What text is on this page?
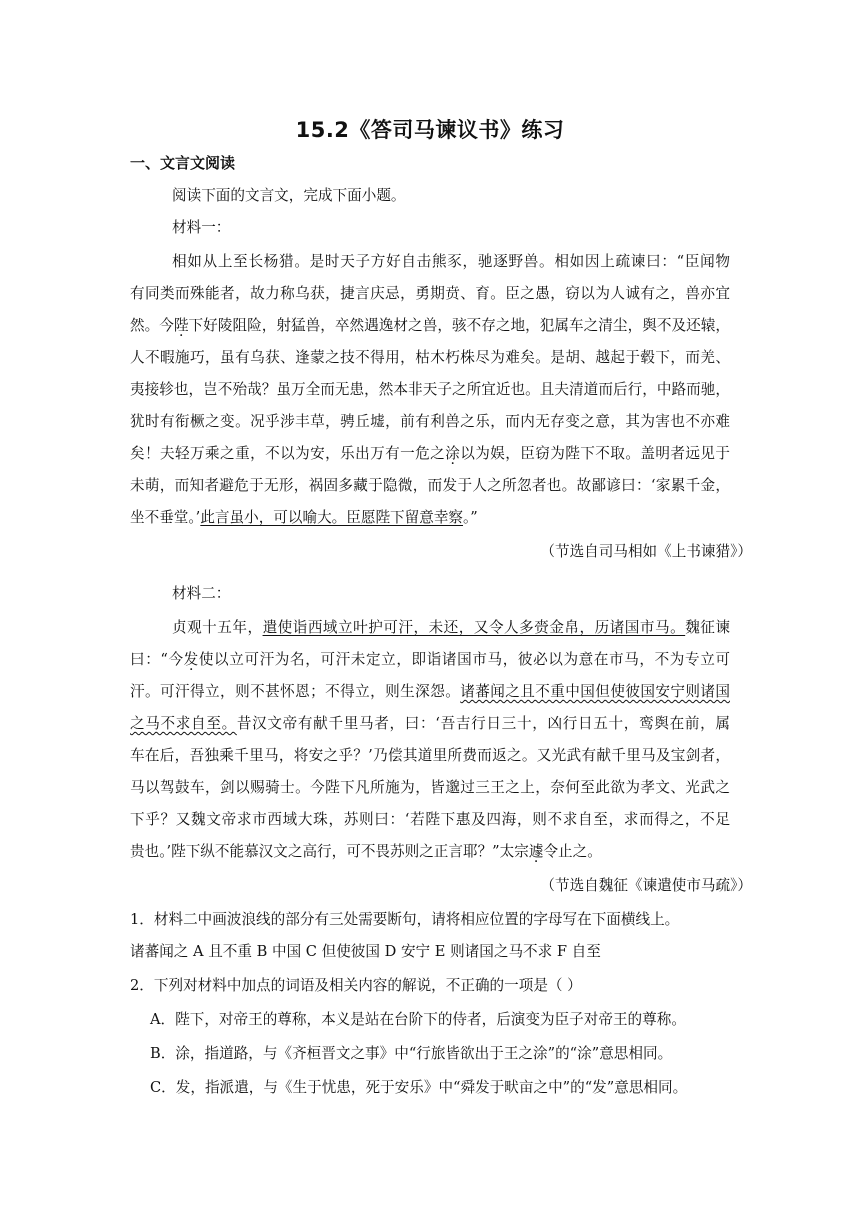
15.2《答司马谏议书》练习
一、文言文阅读
阅读下面的文言文，完成下面小题。
材料一：
相如从上至长杨猎。是时天子方好自击熊豕，驰逐野兽。相如因上疏谏曰：“臣闻物
有同类而殊能者，故力称乌获，捷言庆忌，勇期贲、育。臣之愚，窃以为人诚有之，兽亦宜
然。今陛下好陵阻险，射猛兽，卒然遇逸材之兽，骇不存之地，犯属车之清尘，舆不及还辕，
人不暇施巧，虽有乌获、逢蒙之技不得用，枯木朽株尽为难矣。是胡、越起于毂下，而羌、
夷接轸也，岂不殆哉？虽万全而无患，然本非天子之所宜近也。且夫清道而后行，中路而驰，
犹时有衔橛之变。况乎涉丰草，骋丘墟，前有利兽之乐，而内无存变之意，其为害也不亦难
矣！夫轻万乘之重，不以为安，乐出万有一危之涂以为娱，臣窃为陛下不取。盖明者远见于
未萌，而知者避危于无形，祸固多藏于隐微，而发于人之所忽者也。故鄙谚曰：‘家累千金，
坐不垂堂。’此言虽小，可以喻大。臣愿陛下留意幸察。”
（节选自司马相如《上书谏猎》）
材料二：
贞观十五年，遣使诣西域立叶护可汗，未还，又令人多赍金帛，历诸国市马。魏征谏
曰：“今发使以立可汗为名，可汗未定立，即诣诸国市马，彼必以为意在市马，不为专立可
汗。可汗得立，则不甚怀恩；不得立，则生深怨。诸蕃闻之且不重中国但使彼国安宁则诸国
之马不求自至。昔汉文帝有献千里马者，曰：‘吾吉行日三十，凶行日五十，鸾舆在前，属
车在后，吾独乘千里马，将安之乎？’乃偿其道里所费而返之。又光武有献千里马及宝剑者，
马以驾鼓车，剑以赐骑士。今陛下凡所施为，皆邈过三王之上，奈何至此欲为孝文、光武之
下乎？又魏文帝求市西域大珠，苏则曰：‘若陛下惠及四海，则不求自至，求而得之，不足
贵也。’陛下纵不能慕汉文之高行，可不畏苏则之正言耶？”太宗遽令止之。
（节选自魏征《谏遣使市马疏》）
1．材料二中画波浪线的部分有三处需要断句，请将相应位置的字母写在下面横线上。
诸蕃闻之 A 且不重 B 中国 C 但使彼国 D 安宁 E 则诸国之马不求 F 自至
2．下列对材料中加点的词语及相关内容的解说，不正确的一项是（ ）
A．陛下，对帝王的尊称，本义是站在台阶下的侍者，后演变为臣子对帝王的尊称。
B．涂，指道路，与《齐桓晋文之事》中“行旅皆欲出于王之涂”的“涂”意思相同。
C．发，指派遣，与《生于忧患，死于安乐》中“舜发于畎亩之中”的“发”意思相同。
